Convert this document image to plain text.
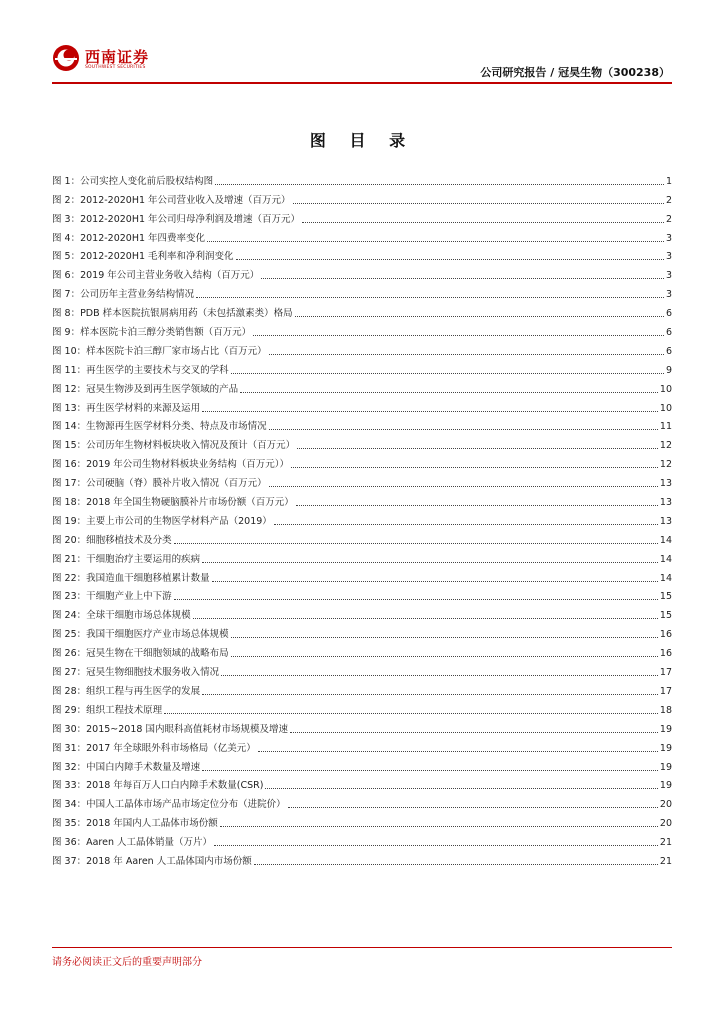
西南证券
SOUTHWEST SECURITIES	公司研究报告 / 冠昊生物（300238）
图 目 录
图 1：公司实控人变化前后股权结构图	1
图 2：2012-2020H1 年公司营业收入及增速（百万元）	2
图 3：2012-2020H1 年公司归母净利润及增速（百万元）	2
图 4：2012-2020H1 年四费率变化	3
图 5：2012-2020H1 毛利率和净利润变化	3
图 6：2019 年公司主营业务收入结构（百万元）	3
图 7：公司历年主营业务结构情况	3
图 8：PDB 样本医院抗银屑病用药（未包括激素类）格局	6
图 9：样本医院卡泊三醇分类销售额（百万元）	6
图 10：样本医院卡泊三醇厂家市场占比（百万元）	6
图 11：再生医学的主要技术与交叉的学科	9
图 12：冠昊生物涉及到再生医学领域的产品	10
图 13：再生医学材料的来源及运用	10
图 14：生物源再生医学材料分类、特点及市场情况	11
图 15：公司历年生物材料板块收入情况及预计（百万元）	12
图 16：2019 年公司生物材料板块业务结构（百万元））	12
图 17：公司硬脑（脊）膜补片收入情况（百万元）	13
图 18：2018 年全国生物硬脑膜补片市场份额（百万元）	13
图 19：主要上市公司的生物医学材料产品（2019）	13
图 20：细胞移植技术及分类	14
图 21：干细胞治疗主要运用的疾病	14
图 22：我国造血干细胞移植累计数量	14
图 23：干细胞产业上中下游	15
图 24：全球干细胞市场总体规模	15
图 25：我国干细胞医疗产业市场总体规模	16
图 26：冠昊生物在干细胞领域的战略布局	16
图 27：冠昊生物细胞技术服务收入情况	17
图 28：组织工程与再生医学的发展	17
图 29：组织工程技术原理	18
图 30：2015~2018 国内眼科高值耗材市场规模及增速	19
图 31：2017 年全球眼外科市场格局（亿美元）	19
图 32：中国白内障手术数量及增速	19
图 33：2018 年每百万人口白内障手术数量(CSR)	19
图 34：中国人工晶体市场产品市场定位分布（进院价）	20
图 35：2018 年国内人工晶体市场份额	20
图 36：Aaren 人工晶体销量（万片）	21
图 37：2018 年 Aaren 人工晶体国内市场份额	21
请务必阅读正文后的重要声明部分
